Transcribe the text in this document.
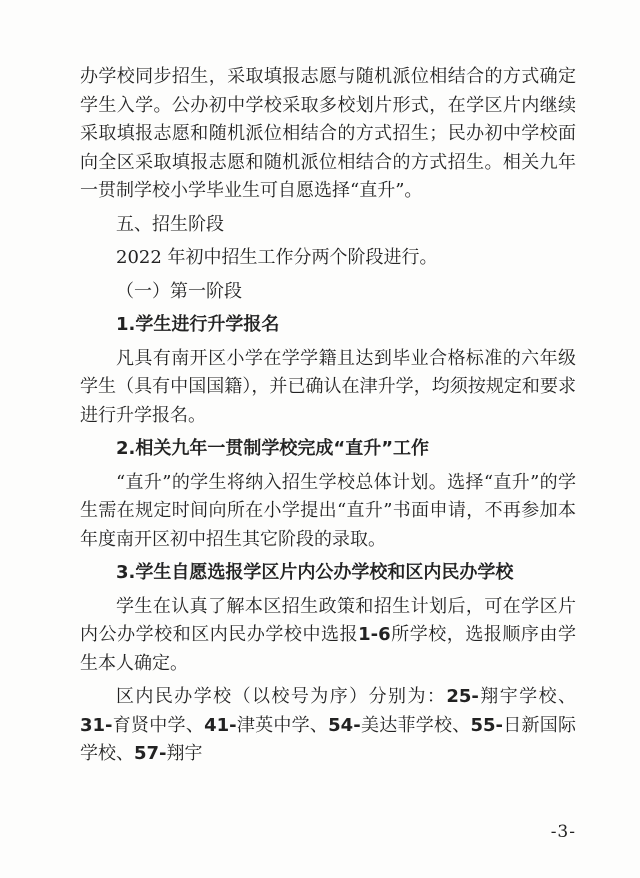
办学校同步招生，采取填报志愿与随机派位相结合的方式确定学生入学。公办初中学校采取多校划片形式，在学区片内继续采取填报志愿和随机派位相结合的方式招生；民办初中学校面向全区采取填报志愿和随机派位相结合的方式招生。相关九年一贯制学校小学毕业生可自愿选择“直升”。

五、招生阶段

2022 年初中招生工作分两个阶段进行。

（一）第一阶段

1.学生进行升学报名

凡具有南开区小学在学学籍且达到毕业合格标准的六年级学生（具有中国国籍），并已确认在津升学，均须按规定和要求进行升学报名。

2.相关九年一贯制学校完成“直升”工作

“直升”的学生将纳入招生学校总体计划。选择“直升”的学生需在规定时间向所在小学提出“直升”书面申请，不再参加本年度南开区初中招生其它阶段的录取。

3.学生自愿选报学区片内公办学校和区内民办学校

学生在认真了解本区招生政策和招生计划后，可在学区片内公办学校和区内民办学校中选报1-6所学校，选报顺序由学生本人确定。

区内民办学校（以校号为序）分别为：25-翔宇学校、31-育贤中学、41-津英中学、54-美达菲学校、55-日新国际学校、57-翔宇

-3-
